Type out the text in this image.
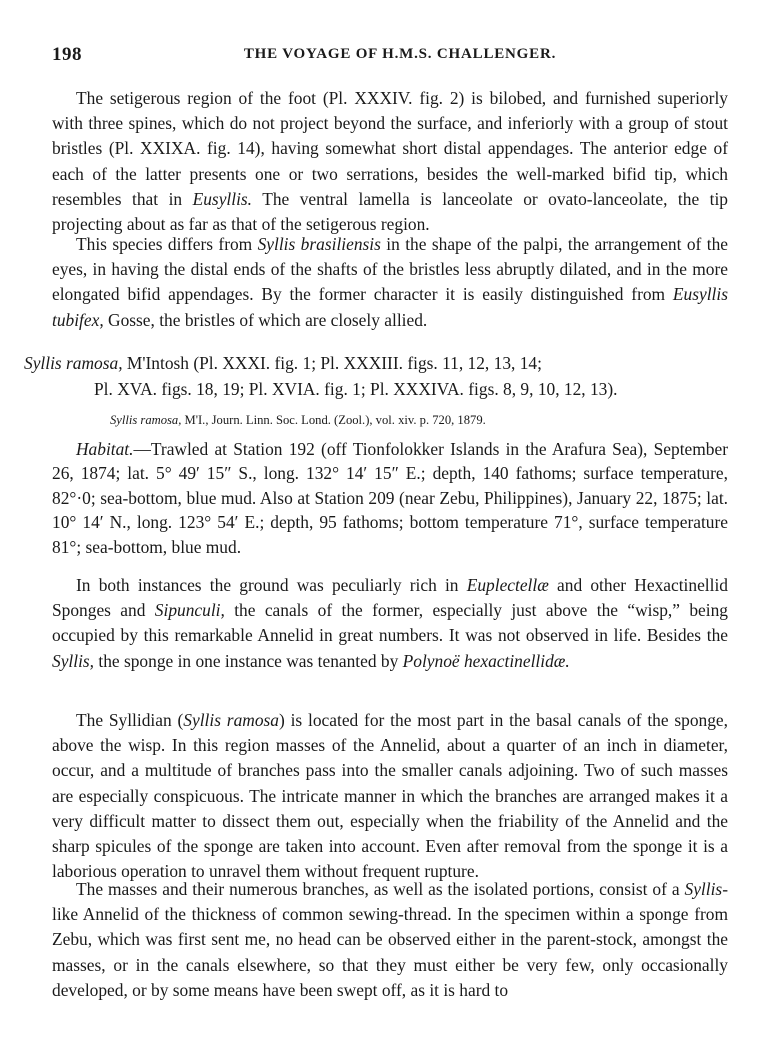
198	THE VOYAGE OF H.M.S. CHALLENGER.

The setigerous region of the foot (Pl. XXXIV. fig. 2) is bilobed, and furnished superiorly with three spines, which do not project beyond the surface, and inferiorly with a group of stout bristles (Pl. XXIXA. fig. 14), having somewhat short distal appendages. The anterior edge of each of the latter presents one or two serrations, besides the well-marked bifid tip, which resembles that in Eusyllis. The ventral lamella is lanceolate or ovato-lanceolate, the tip projecting about as far as that of the setigerous region.

This species differs from Syllis brasiliensis in the shape of the palpi, the arrangement of the eyes, in having the distal ends of the shafts of the bristles less abruptly dilated, and in the more elongated bifid appendages. By the former character it is easily distinguished from Eusyllis tubifex, Gosse, the bristles of which are closely allied.

Syllis ramosa, M'Intosh (Pl. XXXI. fig. 1; Pl. XXXIII. figs. 11, 12, 13, 14;
Pl. XVA. figs. 18, 19; Pl. XVIA. fig. 1; Pl. XXXIVA. figs. 8, 9, 10, 12, 13).
Syllis ramosa, M'I., Journ. Linn. Soc. Lond. (Zool.), vol. xiv. p. 720, 1879.

Habitat.—Trawled at Station 192 (off Tionfolokker Islands in the Arafura Sea), September 26, 1874; lat. 5° 49′ 15″ S., long. 132° 14′ 15″ E.; depth, 140 fathoms; surface temperature, 82°·0; sea-bottom, blue mud. Also at Station 209 (near Zebu, Philippines), January 22, 1875; lat. 10° 14′ N., long. 123° 54′ E.; depth, 95 fathoms; bottom temperature 71°, surface temperature 81°; sea-bottom, blue mud.

In both instances the ground was peculiarly rich in Euplectellæ and other Hexactinellid Sponges and Sipunculi, the canals of the former, especially just above the “wisp,” being occupied by this remarkable Annelid in great numbers. It was not observed in life. Besides the Syllis, the sponge in one instance was tenanted by Polynoë hexactinellidæ.

The Syllidian (Syllis ramosa) is located for the most part in the basal canals of the sponge, above the wisp. In this region masses of the Annelid, about a quarter of an inch in diameter, occur, and a multitude of branches pass into the smaller canals adjoining. Two of such masses are especially conspicuous. The intricate manner in which the branches are arranged makes it a very difficult matter to dissect them out, especially when the friability of the Annelid and the sharp spicules of the sponge are taken into account. Even after removal from the sponge it is a laborious operation to unravel them without frequent rupture.

The masses and their numerous branches, as well as the isolated portions, consist of a Syllis-like Annelid of the thickness of common sewing-thread. In the specimen within a sponge from Zebu, which was first sent me, no head can be observed either in the parent-stock, amongst the masses, or in the canals elsewhere, so that they must either be very few, only occasionally developed, or by some means have been swept off, as it is hard to
